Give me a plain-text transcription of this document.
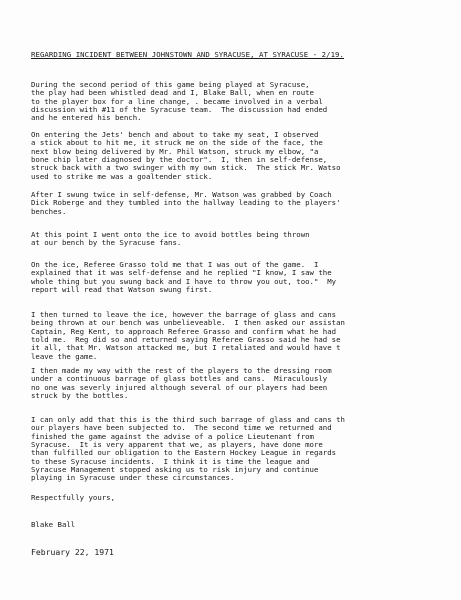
REGARDING INCIDENT BETWEEN JOHNSTOWN AND SYRACUSE, AT SYRACUSE - 2/19.
During the second period of this game being played at Syracuse,
the play had been whistled dead and I, Blake Ball, when en route
to the player box for a line change, . became involved in a verbal
discussion with #11 of the Syracuse team.  The discussion had ended
and he entered his bench.
On entering the Jets' bench and about to take my seat, I observed
a stick about to hit me, it struck me on the side of the face, the
next blow being delivered by Mr. Phil Watson, struck my elbow, "a
bone chip later diagnosed by the doctor".  I, then in self-defense,
struck back with a two swinger with my own stick.  The stick Mr. Watso
used to strike me was a goaltender stick.
After I swung twice in self-defense, Mr. Watson was grabbed by Coach
Dick Roberge and they tumbled into the hallway leading to the players'
benches.
At this point I went onto the ice to avoid bottles being thrown
at our bench by the Syracuse fans.
On the ice, Referee Grasso told me that I was out of the game.  I
explained that it was self-defense and he replied "I know, I saw the
whole thing but you swung back and I have to throw you out, too."  My
report will read that Watson swung first.
I then turned to leave the ice, however the barrage of glass and cans
being thrown at our bench was unbelieveable.  I then asked our assistan
Captain, Reg Kent, to approach Referee Grasso and confirm what he had
told me.  Reg did so and returned saying Referee Grasso said he had se
it all, that Mr. Watson attacked me, but I retaliated and would have t
leave the game.
I then made my way with the rest of the players to the dressing room
under a continuous barrage of glass bottles and cans.  Miraculously
no one was severly injured although several of our players had been
struck by the bottles.
I can only add that this is the third such barrage of glass and cans th
our players have been subjected to.  The second time we returned and
finished the game against the advise of a police Lieutenant from
Syracuse.  It is very apparent that we, as players, have done more
than fulfilled our obligation to the Eastern Hockey League in regards
to these Syracuse incidents.  I think it is time the league and
Syracuse Management stopped asking us to risk injury and continue
playing in Syracuse under these circumstances.
Respectfully yours,
Blake Ball
February 22, 1971
